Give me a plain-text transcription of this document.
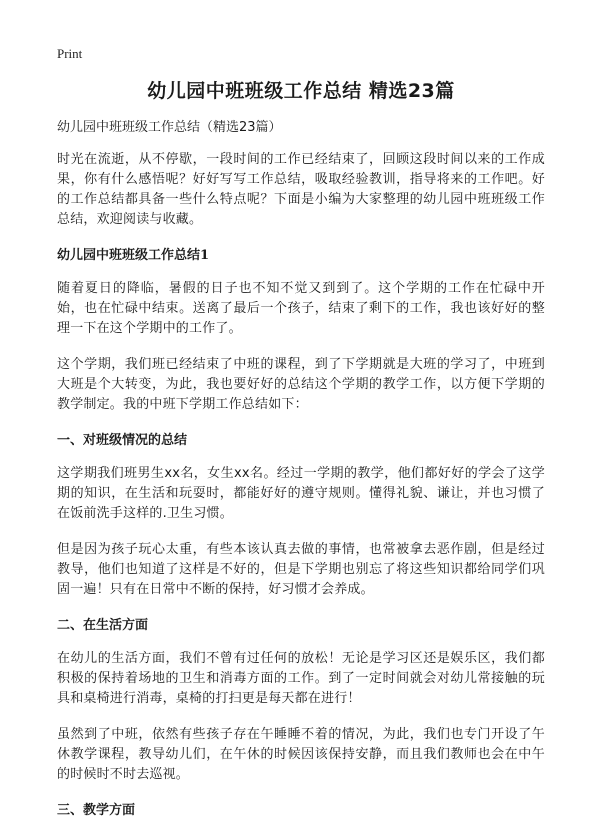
Print
幼儿园中班班级工作总结 精选23篇
幼儿园中班班级工作总结（精选23篇）

时光在流逝，从不停歇，一段时间的工作已经结束了，回顾这段时间以来的工作成果，你有什么感悟呢？好好写写工作总结，吸取经验教训，指导将来的工作吧。好的工作总结都具备一些什么特点呢？下面是小编为大家整理的幼儿园中班班级工作总结，欢迎阅读与收藏。

幼儿园中班班级工作总结1

随着夏日的降临，暑假的日子也不知不觉又到到了。这个学期的工作在忙碌中开始，也在忙碌中结束。送离了最后一个孩子，结束了剩下的工作，我也该好好的整理一下在这个学期中的工作了。

这个学期，我们班已经结束了中班的课程，到了下学期就是大班的学习了，中班到大班是个大转变，为此，我也要好好的总结这个学期的教学工作，以方便下学期的教学制定。我的中班下学期工作总结如下：

一、对班级情况的总结

这学期我们班男生xx名，女生xx名。经过一学期的教学，他们都好好的学会了这学期的知识，在生活和玩耍时，都能好好的遵守规则。懂得礼貌、谦让，并也习惯了在饭前洗手这样的.卫生习惯。

但是因为孩子玩心太重，有些本该认真去做的事情，也常被拿去恶作剧，但是经过教导，他们也知道了这样是不好的，但是下学期也别忘了将这些知识都给同学们巩固一遍！只有在日常中不断的保持，好习惯才会养成。

二、在生活方面

在幼儿的生活方面，我们不曾有过任何的放松！无论是学习区还是娱乐区，我们都积极的保持着场地的卫生和消毒方面的工作。到了一定时间就会对幼儿常接触的玩具和桌椅进行消毒，桌椅的打扫更是每天都在进行！

虽然到了中班，依然有些孩子存在午睡睡不着的情况，为此，我们也专门开设了午休教学课程，教导幼儿们，在午休的时候因该保持安静，而且我们教师也会在中午的时候时不时去巡视。

三、教学方面
